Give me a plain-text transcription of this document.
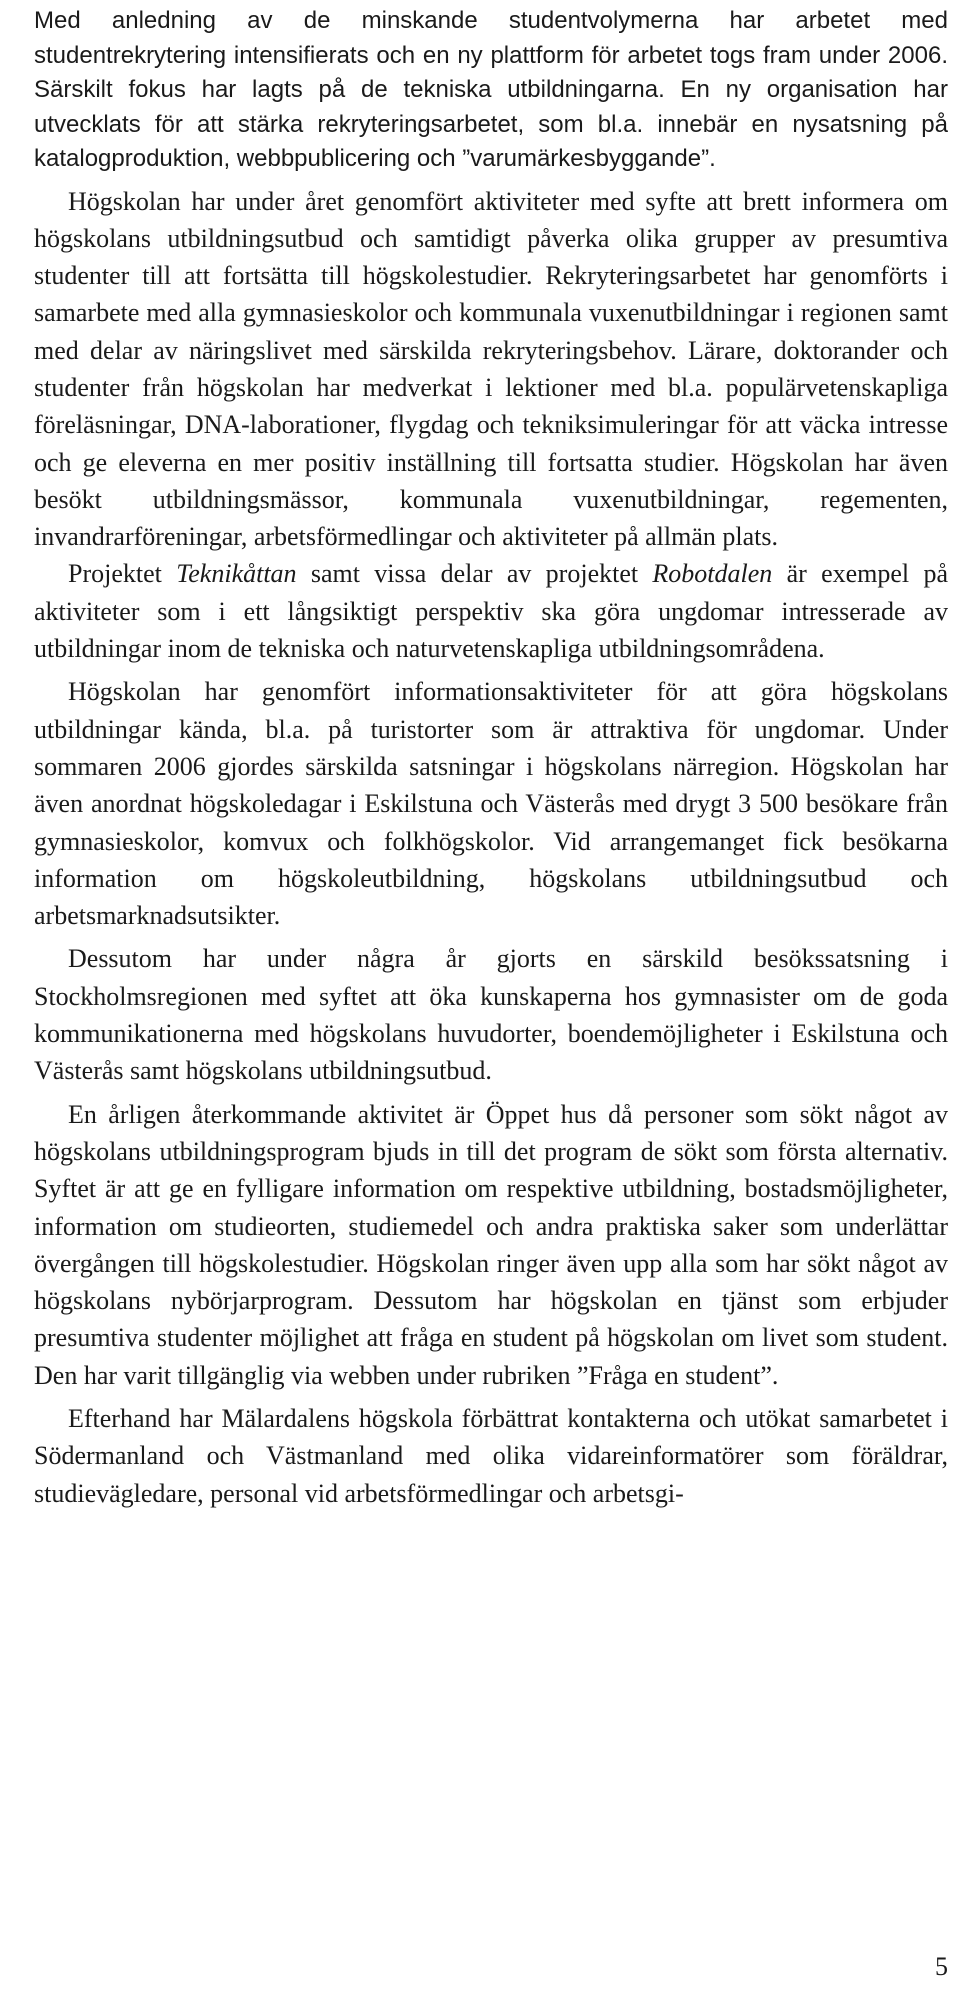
Med anledning av de minskande studentvolymerna har arbetet med studentrekrytering intensifierats och en ny plattform för arbetet togs fram under 2006. Särskilt fokus har lagts på de tekniska utbildningarna. En ny organisation har utvecklats för att stärka rekryteringsarbetet, som bl.a. innebär en nysatsning på katalogproduktion, webbpublicering och ”varumärkesbyggande”.

Högskolan har under året genomfört aktiviteter med syfte att brett informera om högskolans utbildningsutbud och samtidigt påverka olika grupper av presumtiva studenter till att fortsätta till högskolestudier. Rekryteringsarbetet har genomförts i samarbete med alla gymnasieskolor och kommunala vuxenutbildningar i regionen samt med delar av näringslivet med särskilda rekryteringsbehov. Lärare, doktorander och studenter från högskolan har medverkat i lektioner med bl.a. populärvetenskapliga föreläsningar, DNA-laborationer, flygdag och tekniksimuleringar för att väcka intresse och ge eleverna en mer positiv inställning till fortsatta studier. Högskolan har även besökt utbildningsmässor, kommunala vuxenutbildningar, regementen, invandrarföreningar, arbetsförmedlingar och aktiviteter på allmän plats.

Projektet Teknikåttan samt vissa delar av projektet Robotdalen är exempel på aktiviteter som i ett långsiktigt perspektiv ska göra ungdomar intresserade av utbildningar inom de tekniska och naturvetenskapliga utbildningsområdena.

Högskolan har genomfört informationsaktiviteter för att göra högskolans utbildningar kända, bl.a. på turistorter som är attraktiva för ungdomar. Under sommaren 2006 gjordes särskilda satsningar i högskolans närregion. Högskolan har även anordnat högskoledagar i Eskilstuna och Västerås med drygt 3 500 besökare från gymnasieskolor, komvux och folkhögskolor. Vid arrangemanget fick besökarna information om högskoleutbildning, högskolans utbildningsutbud och arbetsmarknadsutsikter.

Dessutom har under några år gjorts en särskild besökssatsning i Stockholmsregionen med syftet att öka kunskaperna hos gymnasister om de goda kommunikationerna med högskolans huvudorter, boendemöjligheter i Eskilstuna och Västerås samt högskolans utbildningsutbud.

En årligen återkommande aktivitet är Öppet hus då personer som sökt något av högskolans utbildningsprogram bjuds in till det program de sökt som första alternativ. Syftet är att ge en fylligare information om respektive utbildning, bostadsmöjligheter, information om studieorten, studiemedel och andra praktiska saker som underlättar övergången till högskolestudier. Högskolan ringer även upp alla som har sökt något av högskolans nybörjarprogram. Dessutom har högskolan en tjänst som erbjuder presumtiva studenter möjlighet att fråga en student på högskolan om livet som student. Den har varit tillgänglig via webben under rubriken ”Fråga en student”.

Efterhand har Mälardalens högskola förbättrat kontakterna och utökat samarbetet i Södermanland och Västmanland med olika vidareinformatörer som föräldrar, studievägledare, personal vid arbetsförmedlingar och arbetsgi-

5
